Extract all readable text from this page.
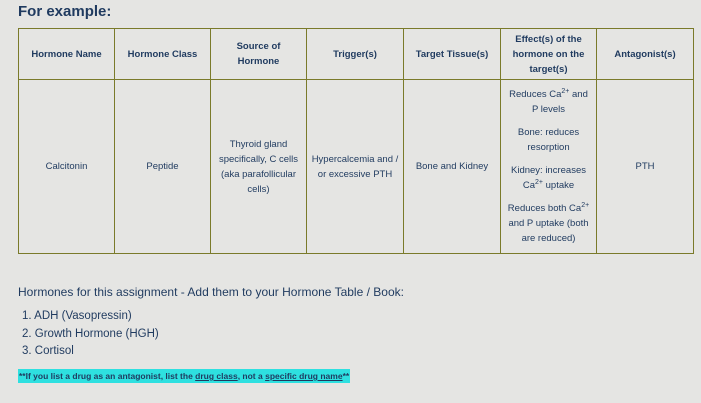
For example:
Hormone Name	Hormone Class	Source of Hormone	Trigger(s)	Target Tissue(s)	Effect(s) of the hormone on the target(s)	Antagonist(s)
Calcitonin	Peptide	Thyroid gland specifically, C cells (aka parafollicular cells)	Hypercalcemia and / or excessive PTH	Bone and Kidney	Reduces $Ca^{2+}$ and P levels

Bone: reduces resorption

Kidney: increases $Ca^{2+}$ uptake

Reduces both $Ca^{2+}$ and P uptake (both are reduced)	PTH
Hormones for this assignment - Add them to your Hormone Table / Book:
1. ADH (Vasopressin)
2. Growth Hormone (HGH)
3. Cortisol
**If you list a drug as an antagonist, list the drug class, not a specific drug name**
